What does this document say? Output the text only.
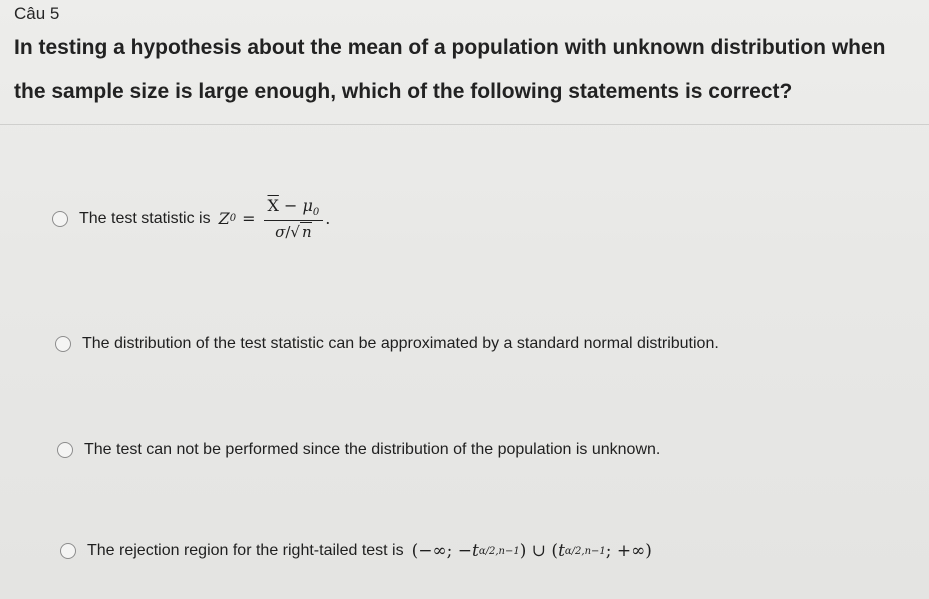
Câu 5
In testing a hypothesis about the mean of a population with unknown distribution when the sample size is large enough, which of the following statements is correct?
The test statistic is Z $0 = \frac{\overline{X} - \mu_0}{\sigma/√ n}$ .
The distribution of the test statistic can be approximated by a standard normal distribution.
The test can not be performed since the distribution of the population is unknown.
The rejection region for the right-tailed test is (−∞; − t α/2,n−1 ) ∪ ( t α/2,n−1 ; +∞)
